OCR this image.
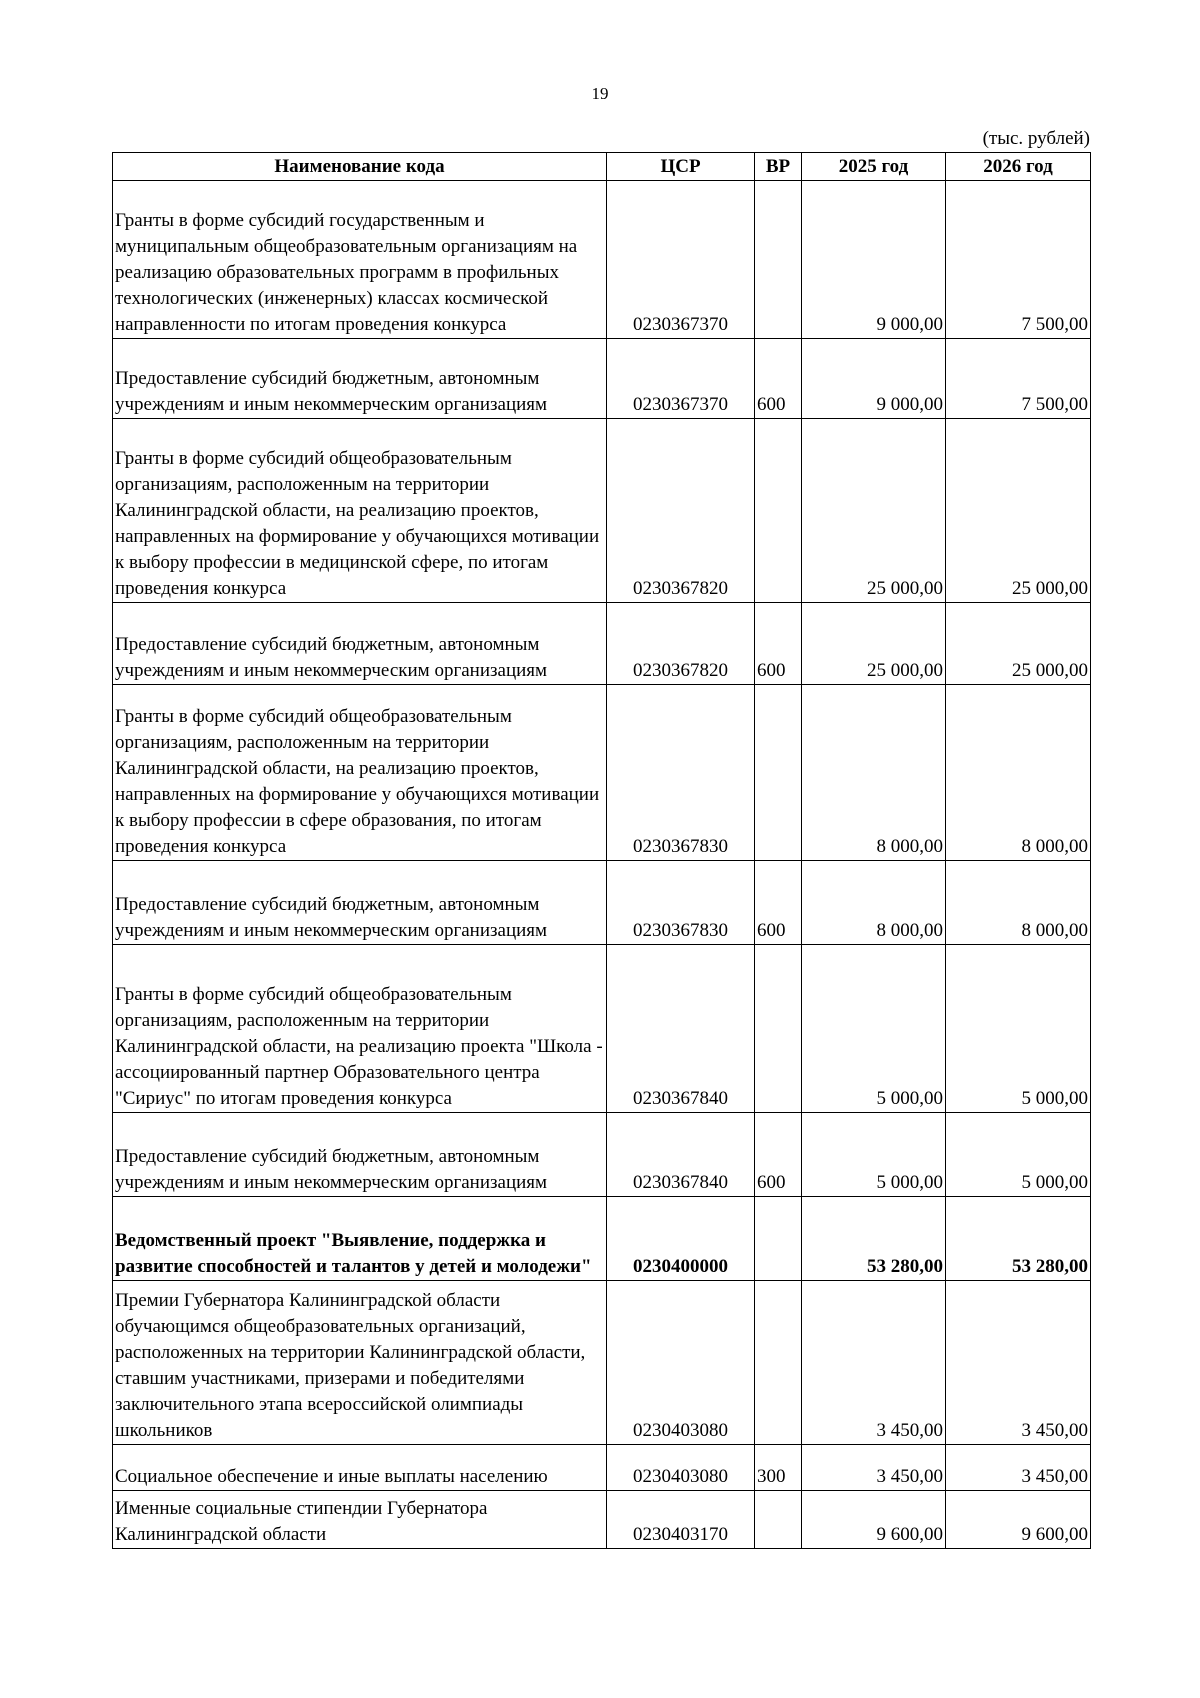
19
(тыс. рублей)
Наименование кода	ЦСР	ВР	2025 год	2026 год
Гранты в форме субсидий государственным и муниципальным общеобразовательным организациям на реализацию образовательных программ в профильных технологических (инженерных) классах космической направленности по итогам проведения конкурса	0230367370		9 000,00	7 500,00
Предоставление субсидий бюджетным, автономным учреждениям и иным некоммерческим организациям	0230367370	600	9 000,00	7 500,00
Гранты в форме субсидий общеобразовательным организациям, расположенным на территории Калининградской области, на реализацию проектов, направленных на формирование у обучающихся мотивации к выбору профессии в медицинской сфере, по итогам проведения конкурса	0230367820		25 000,00	25 000,00
Предоставление субсидий бюджетным, автономным учреждениям и иным некоммерческим организациям	0230367820	600	25 000,00	25 000,00
Гранты в форме субсидий общеобразовательным организациям, расположенным на территории Калининградской области, на реализацию проектов, направленных на формирование у обучающихся мотивации к выбору профессии в сфере образования, по итогам проведения конкурса	0230367830		8 000,00	8 000,00
Предоставление субсидий бюджетным, автономным учреждениям и иным некоммерческим организациям	0230367830	600	8 000,00	8 000,00
Гранты в форме субсидий общеобразовательным организациям, расположенным на территории Калининградской области, на реализацию проекта "Школа - ассоциированный партнер Образовательного центра "Сириус" по итогам проведения конкурса	0230367840		5 000,00	5 000,00
Предоставление субсидий бюджетным, автономным учреждениям и иным некоммерческим организациям	0230367840	600	5 000,00	5 000,00
Ведомственный проект "Выявление, поддержка и развитие способностей и талантов у детей и молодежи"	0230400000		53 280,00	53 280,00
Премии Губернатора Калининградской области обучающимся общеобразовательных организаций, расположенных на территории Калининградской области, ставшим участниками, призерами и победителями заключительного этапа всероссийской олимпиады школьников	0230403080		3 450,00	3 450,00
Социальное обеспечение и иные выплаты населению	0230403080	300	3 450,00	3 450,00
Именные социальные стипендии Губернатора Калининградской области	0230403170		9 600,00	9 600,00
